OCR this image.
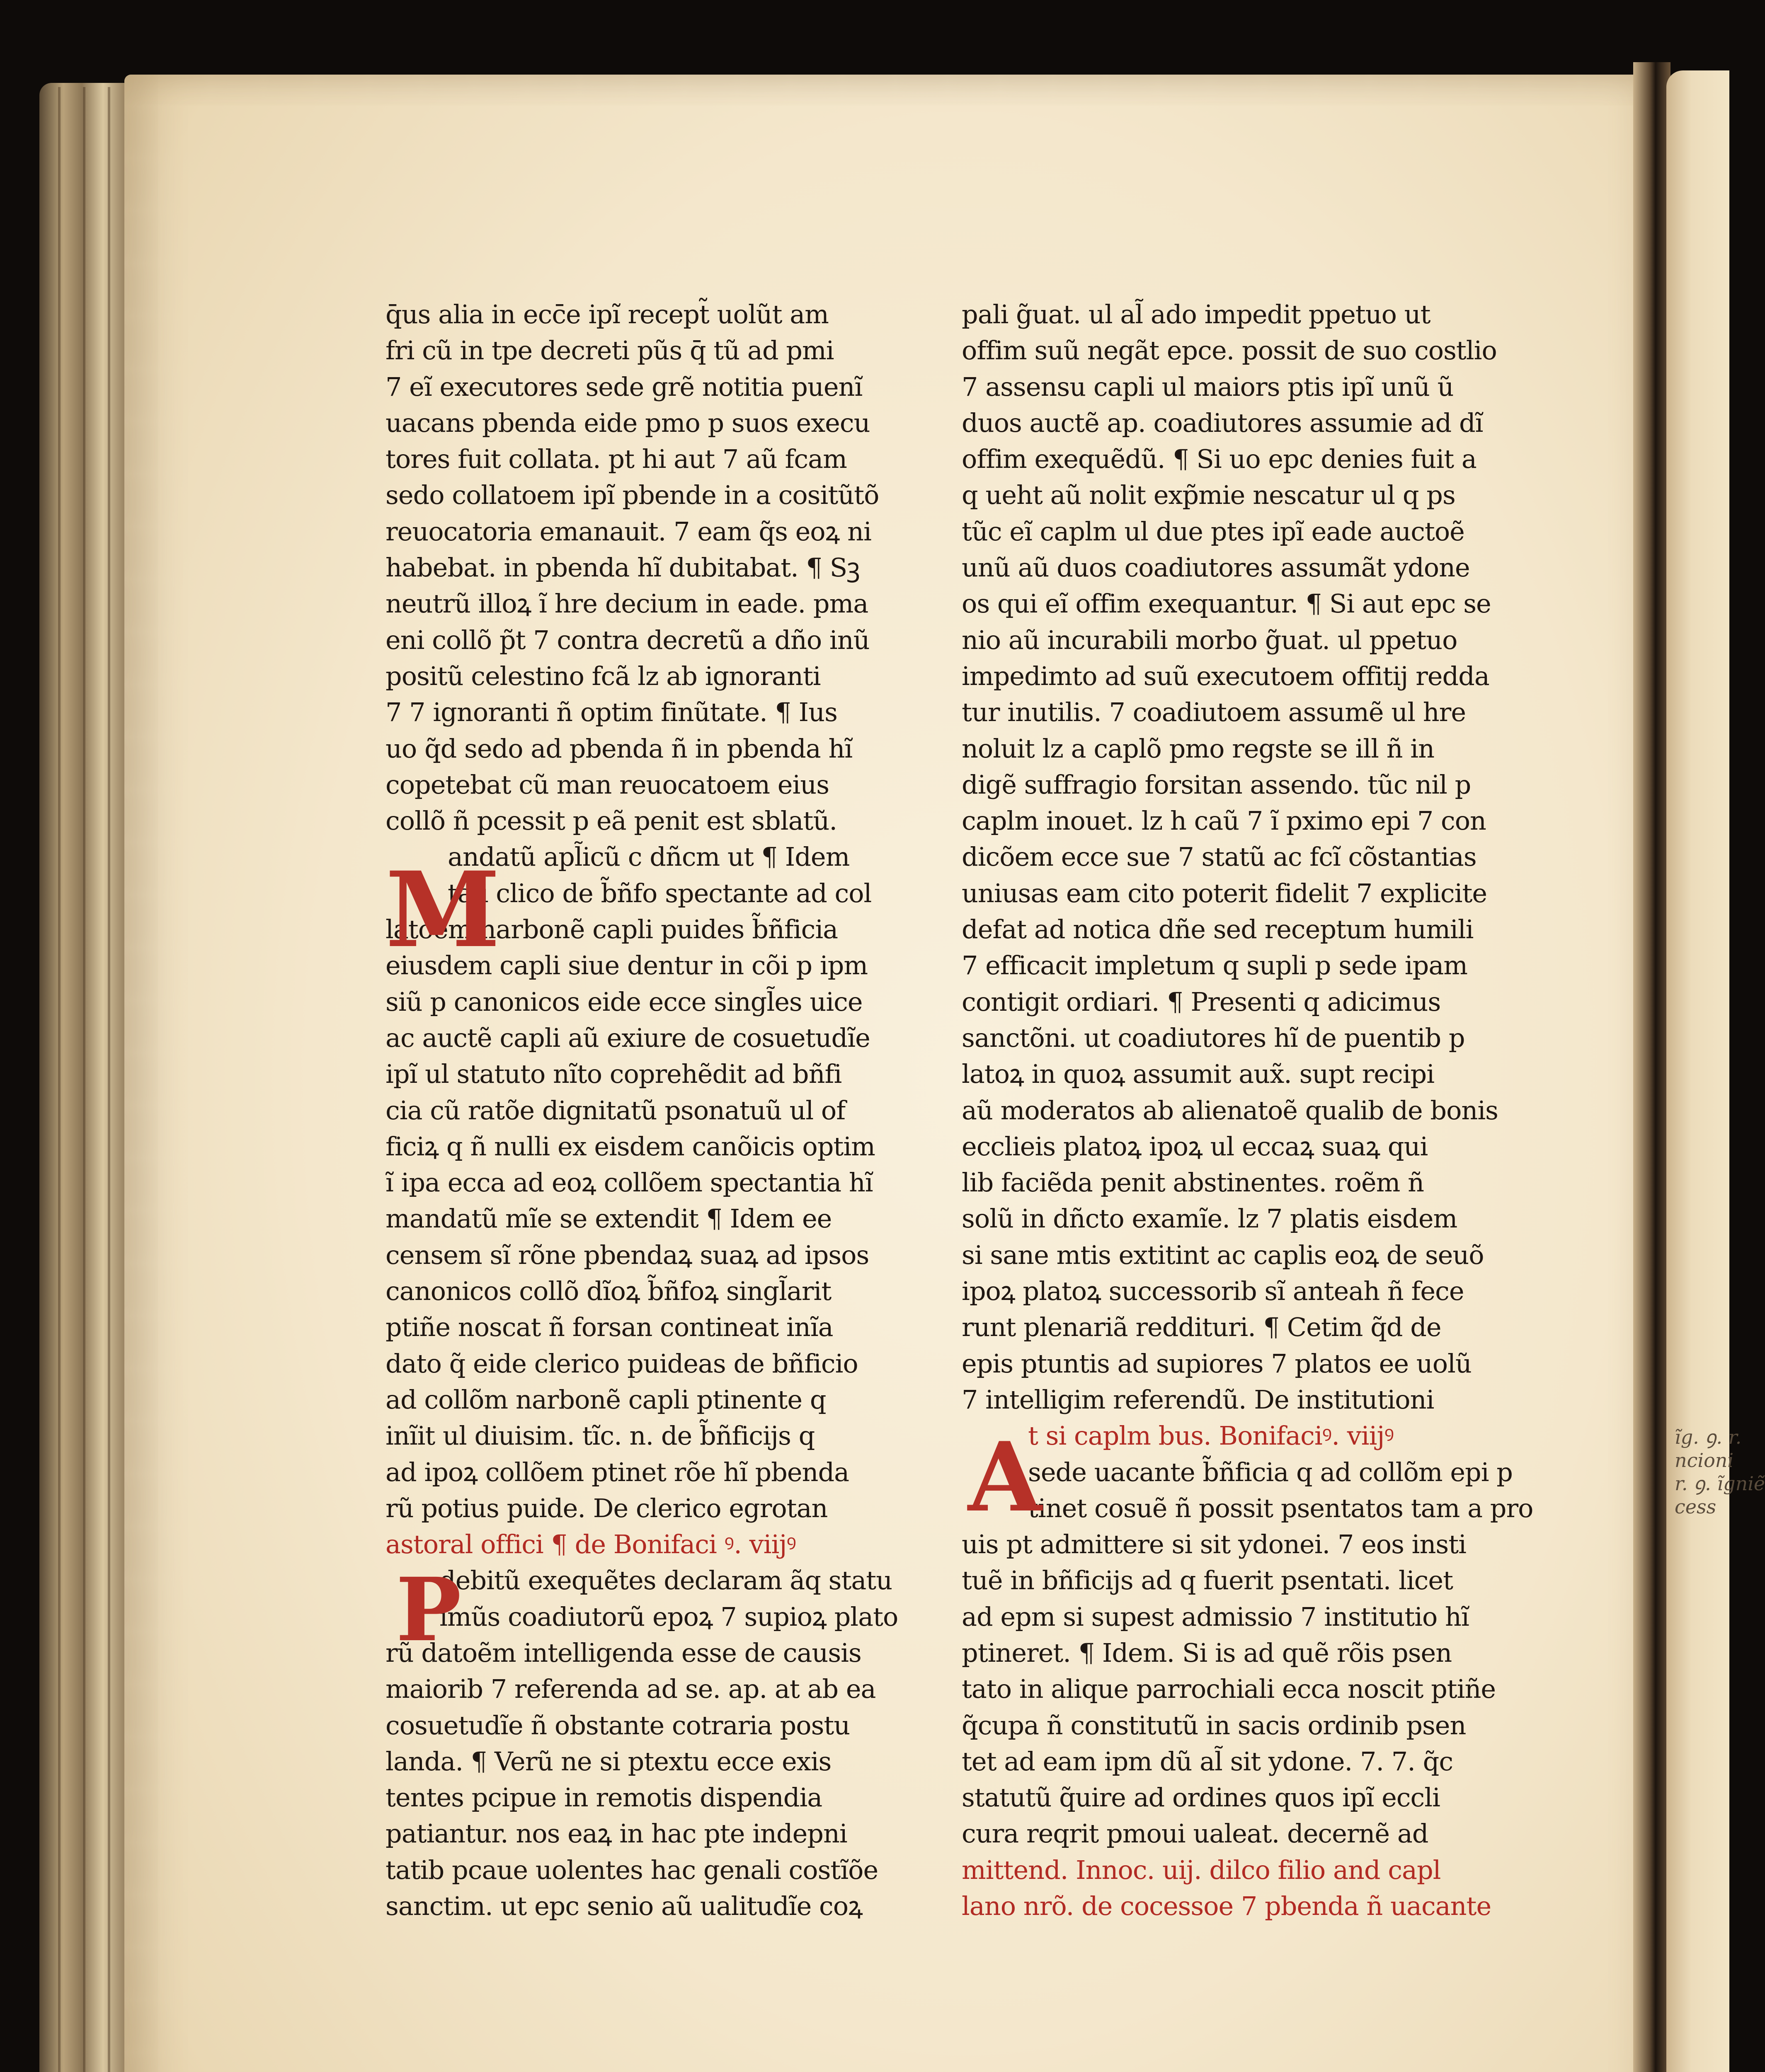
ĩg. ꝯ. r.
ncioni
r. ꝯ. ĩgniẽ
cess
q̄us alia in ecc̄e ipĩ recept̃ uolũt am
fri cũ in tpe decreti pũs q̄ tũ ad pmi
7 eĩ executores sede grẽ notitia puenĩ
uacans pbenda eide pmo p suos execu
tores fuit collata. pt hi aut 7 aũ fcam
sedo collatoem ipĩ pbende in a cositũtõ
reuocatoria emanauit. 7 eam q̃s eoꝝ ni
habebat. in pbenda hĩ dubitabat. ¶ Sꝫ
neutrũ illoꝝ ĩ hre decium in eade. pma
eni collõ p̃t 7 contra decretũ a dño inũ
positũ celestino fcã lz ab ignoranti
7 7 ignoranti ñ optim finũtate. ¶ Ius
uo q̃d sedo ad pbenda ñ in pbenda hĩ
copetebat cũ man reuocatoem eius
collõ ñ pcessit p eã penit est sblatũ.
andatũ apl̃icũ c dñcm ut ¶ Idem
tali clico de b̃ñfo spectante ad col
latoẽm narbonẽ capli puides b̃ñficia
eiusdem capli siue dentur in cõi p ipm
siũ p canonicos eide ecce singl̃es uice
ac auctẽ capli aũ exiure de cosuetudĩe
ipĩ ul statuto nĩto coprehẽdit ad bñfi
cia cũ ratõe dignitatũ psonatuũ ul of
ficiꝝ q ñ nulli ex eisdem canõicis optim
ĩ ipa ecca ad eoꝝ collõem spectantia hĩ
mandatũ mĩe se extendit ¶ Idem ee
censem sĩ rõne pbendaꝝ suaꝝ ad ipsos
canonicos collõ dĩoꝝ b̃ñfoꝝ singl̃arit
ptiñe noscat ñ forsan contineat inĩa
dato q̃ eide clerico puideas de bñficio
ad collõm narbonẽ capli ptinente q
inĩit ul diuisim. tĩc. n. de b̃ñficijs q
ad ipoꝝ collõem ptinet rõe hĩ pbenda
rũ potius puide. De clerico egrotan
astoral offici ¶ de Bonifaci ꝰ. viijꝰ
debitũ exequẽtes declaram ãq statu
imũs coadiutorũ epoꝝ 7 supioꝝ plato
rũ datoẽm intelligenda esse de causis
maiorib 7 referenda ad se. ap. at ab ea
cosuetudĩe ñ obstante cotraria postu
landa. ¶ Verũ ne si ptextu ecce exis
tentes pcipue in remotis dispendia
patiantur. nos eaꝝ in hac pte indepni
tatib pcaue uolentes hac genali costĩõe
sanctim. ut epc senio aũ ualitudĩe coꝝ
pali g̃uat. ul al̃ ado impedit ppetuo ut
offim suũ negãt epce. possit de suo costlio
7 assensu capli ul maiors ptis ipĩ unũ ũ
duos auctẽ ap. coadiutores assumie ad dĩ
offim exequẽdũ. ¶ Si uo epc denies fuit a
q ueht aũ nolit exp̃mie nescatur ul q ps
tũc eĩ caplm ul due ptes ipĩ eade auctoẽ
unũ aũ duos coadiutores assumãt ydone
os qui eĩ offim exequantur. ¶ Si aut epc se
nio aũ incurabili morbo g̃uat. ul ppetuo
impedimto ad suũ executoem offitij redda
tur inutilis. 7 coadiutoem assumẽ ul hre
noluit lz a caplõ pmo regste se ill ñ in
digẽ suffragio forsitan assendo. tũc nil p
caplm inouet. lz h caũ 7 ĩ pximo epi 7 con
dicõem ecce sue 7 statũ ac fcĩ cõstantias
uniusas eam cito poterit fidelit 7 explicite
defat ad notica dñe sed receptum humili
7 efficacit impletum q supli p sede ipam
contigit ordiari. ¶ Presenti q adicimus
sanctõni. ut coadiutores hĩ de puentib p
latoꝝ in quoꝝ assumit aux̃. supt recipi
aũ moderatos ab alienatoẽ qualib de bonis
ecclieis platoꝝ ipoꝝ ul eccaꝝ suaꝝ qui
lib faciẽda penit abstinentes. roẽm ñ
solũ in dñcto examĩe. lz 7 platis eisdem
si sane mtis extitint ac caplis eoꝝ de seuõ
ipoꝝ platoꝝ successorib sĩ anteah ñ fece
runt plenariã reddituri. ¶ Cetim q̃d de
epis ptuntis ad supiores 7 platos ee uolũ
7 intelligim referendũ. De institutioni
t si caplm bus. Bonifaciꝰ. viijꝰ
sede uacante b̃ñficia q ad collõm epi p
tinet cosuẽ ñ possit psentatos tam a pro
uis pt admittere si sit ydonei. 7 eos insti
tuẽ in bñficijs ad q fuerit psentati. licet
ad epm si supest admissio 7 institutio hĩ
ptineret. ¶ Idem. Si is ad quẽ rõis psen
tato in alique parrochiali ecca noscit ptiñe
q̃cupa ñ constitutũ in sacis ordinib psen
tet ad eam ipm dũ al̃ sit ydone. 7. 7. q̃c
statutũ q̃uire ad ordines quos ipĩ eccli
cura reqrit pmoui ualeat. decernẽ ad
mittend. Innoc. uij. dilco filio and capl
lano nrõ. de cocessoe 7 pbenda ñ uacante
M
P
A
